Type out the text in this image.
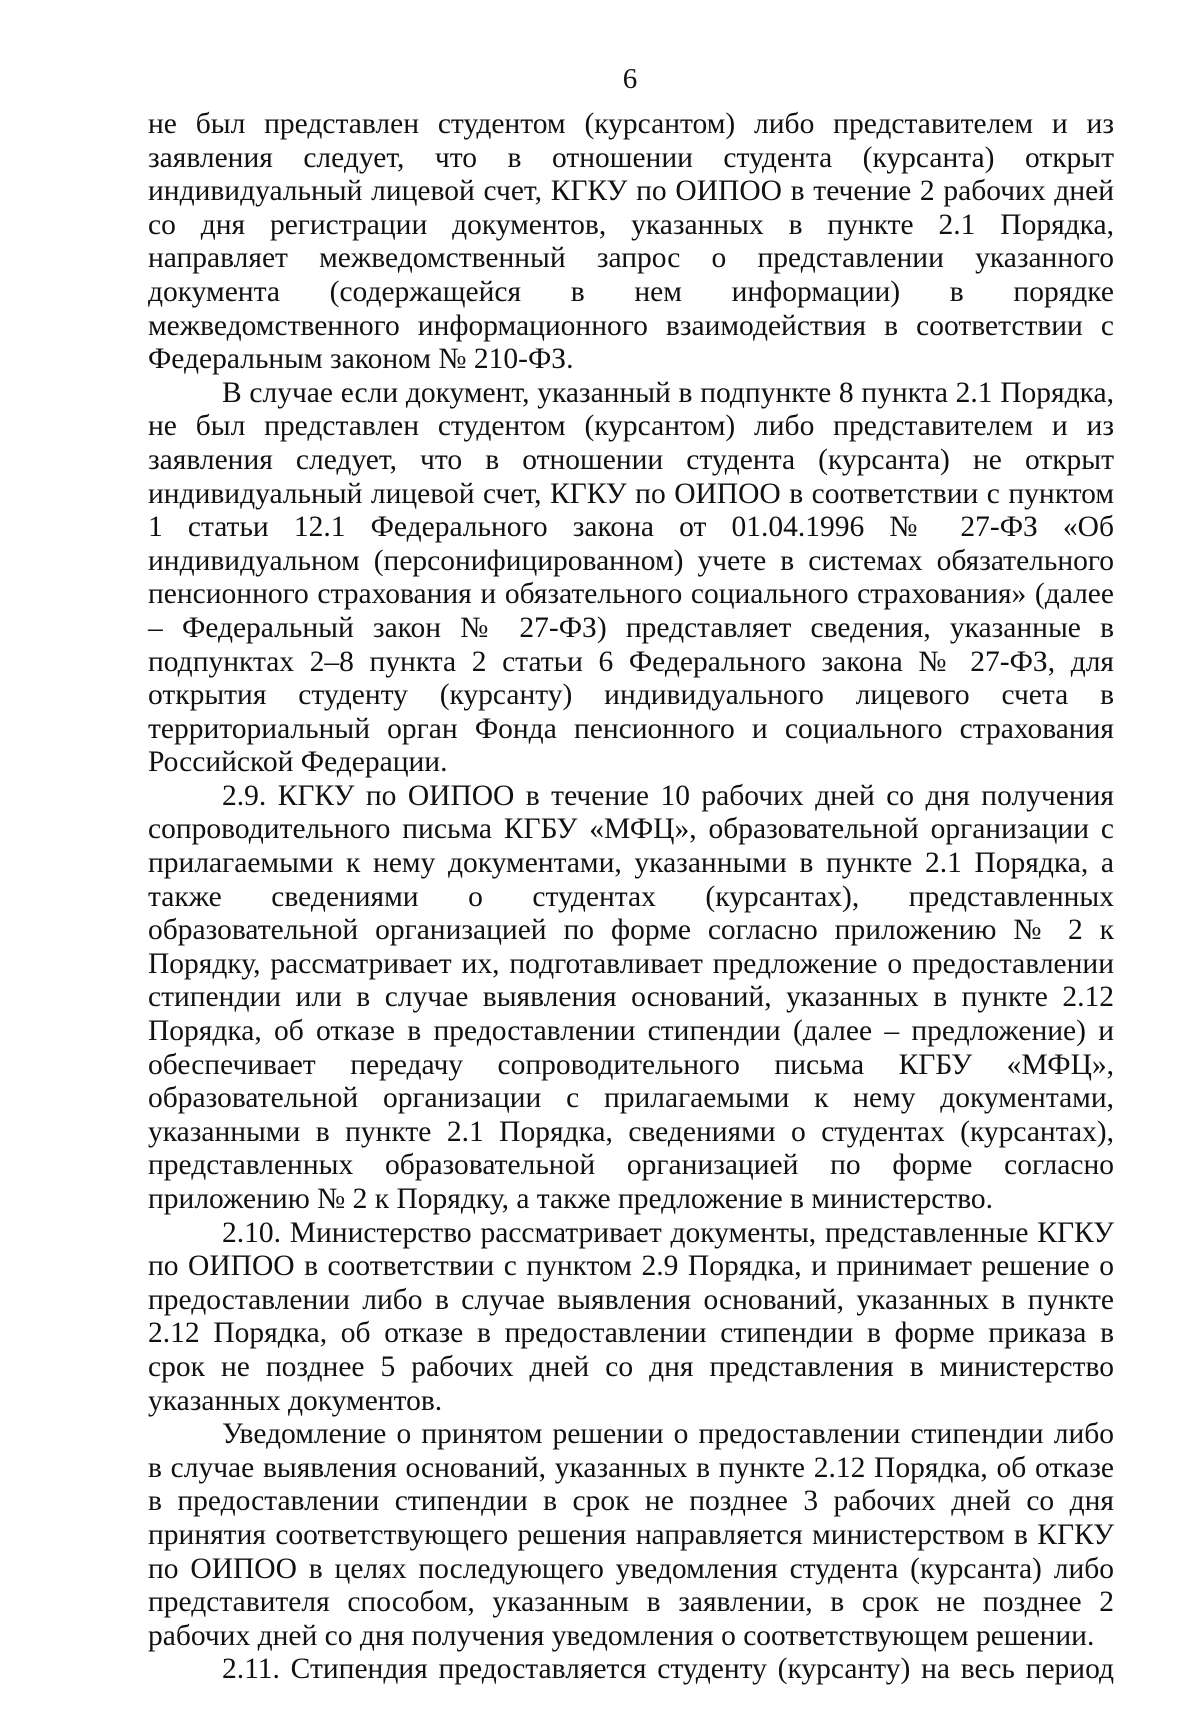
6

не был представлен студентом (курсантом) либо представителем и из заявления следует, что в отношении студента (курсанта) открыт индивидуальный лицевой счет, КГКУ по ОИПОО в течение 2 рабочих дней со дня регистрации документов, указанных в пункте 2.1 Порядка, направляет межведомственный запрос о представлении указанного документа (содержащейся в нем информации) в порядке межведомственного информационного взаимодействия в соответствии с Федеральным законом № 210-ФЗ.

В случае если документ, указанный в подпункте 8 пункта 2.1 Порядка, не был представлен студентом (курсантом) либо представителем и из заявления следует, что в отношении студента (курсанта) не открыт индивидуальный лицевой счет, КГКУ по ОИПОО в соответствии с пунктом 1 статьи 12.1 Федерального закона от 01.04.1996 № 27-ФЗ «Об индивидуальном (персонифицированном) учете в системах обязательного пенсионного страхования и обязательного социального страхования» (далее – Федеральный закон № 27-ФЗ) представляет сведения, указанные в подпунктах 2–8 пункта 2 статьи 6 Федерального закона № 27-ФЗ, для открытия студенту (курсанту) индивидуального лицевого счета в территориальный орган Фонда пенсионного и социального страхования Российской Федерации.

2.9. КГКУ по ОИПОО в течение 10 рабочих дней со дня получения сопроводительного письма КГБУ «МФЦ», образовательной организации с прилагаемыми к нему документами, указанными в пункте 2.1 Порядка, а также сведениями о студентах (курсантах), представленных образовательной организацией по форме согласно приложению № 2 к Порядку, рассматривает их, подготавливает предложение о предоставлении стипендии или в случае выявления оснований, указанных в пункте 2.12 Порядка, об отказе в предоставлении стипендии (далее – предложение) и обеспечивает передачу сопроводительного письма КГБУ «МФЦ», образовательной организации с прилагаемыми к нему документами, указанными в пункте 2.1 Порядка, сведениями о студентах (курсантах), представленных образовательной организацией по форме согласно приложению № 2 к Порядку, а также предложение в министерство.

2.10. Министерство рассматривает документы, представленные КГКУ по ОИПОО в соответствии с пунктом 2.9 Порядка, и принимает решение о предоставлении либо в случае выявления оснований, указанных в пункте 2.12 Порядка, об отказе в предоставлении стипендии в форме приказа в срок не позднее 5 рабочих дней со дня представления в министерство указанных документов.

Уведомление о принятом решении о предоставлении стипендии либо в случае выявления оснований, указанных в пункте 2.12 Порядка, об отказе в предоставлении стипендии в срок не позднее 3 рабочих дней со дня принятия соответствующего решения направляется министерством в КГКУ по ОИПОО в целях последующего уведомления студента (курсанта) либо представителя способом, указанным в заявлении, в срок не позднее 2 рабочих дней со дня получения уведомления о соответствующем решении.

2.11. Стипендия предоставляется студенту (курсанту) на весь период
